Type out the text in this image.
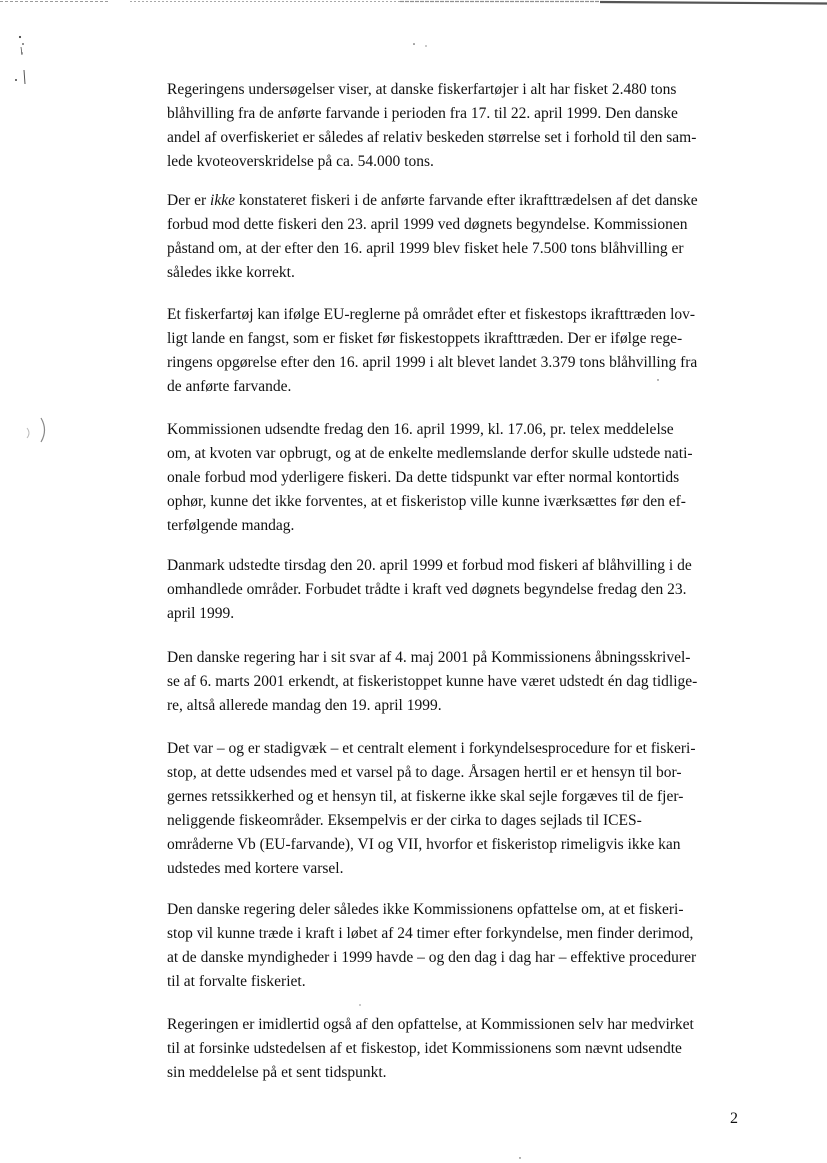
Regeringens undersøgelser viser, at danske fiskerfartøjer i alt har fisket 2.480 tons
blåhvilling fra de anførte farvande i perioden fra 17. til 22. april 1999. Den danske
andel af overfiskeriet er således af relativ beskeden størrelse set i forhold til den sam-
lede kvoteoverskridelse på ca. 54.000 tons.
Der er ikke konstateret fiskeri i de anførte farvande efter ikrafttrædelsen af det danske
forbud mod dette fiskeri den 23. april 1999 ved døgnets begyndelse. Kommissionen
påstand om, at der efter den 16. april 1999 blev fisket hele 7.500 tons blåhvilling er
således ikke korrekt.
Et fiskerfartøj kan ifølge EU-reglerne på området efter et fiskestops ikrafttræden lov-
ligt lande en fangst, som er fisket før fiskestoppets ikrafttræden. Der er ifølge rege-
ringens opgørelse efter den 16. april 1999 i alt blevet landet 3.379 tons blåhvilling fra
de anførte farvande.
Kommissionen udsendte fredag den 16. april 1999, kl. 17.06, pr. telex meddelelse
om, at kvoten var opbrugt, og at de enkelte medlemslande derfor skulle udstede nati-
onale forbud mod yderligere fiskeri. Da dette tidspunkt var efter normal kontortids
ophør, kunne det ikke forventes, at et fiskeristop ville kunne iværksættes før den ef-
terfølgende mandag.
Danmark udstedte tirsdag den 20. april 1999 et forbud mod fiskeri af blåhvilling i de
omhandlede områder. Forbudet trådte i kraft ved døgnets begyndelse fredag den 23.
april 1999.
Den danske regering har i sit svar af 4. maj 2001 på Kommissionens åbningsskrivel-
se af 6. marts 2001 erkendt, at fiskeristoppet kunne have været udstedt én dag tidlige-
re, altså allerede mandag den 19. april 1999.
Det var – og er stadigvæk – et centralt element i forkyndelsesprocedure for et fiskeri-
stop, at dette udsendes med et varsel på to dage. Årsagen hertil er et hensyn til bor-
gernes retssikkerhed og et hensyn til, at fiskerne ikke skal sejle forgæves til de fjer-
neliggende fiskeområder. Eksempelvis er der cirka to dages sejlads til ICES-
områderne Vb (EU-farvande), VI og VII, hvorfor et fiskeristop rimeligvis ikke kan
udstedes med kortere varsel.
Den danske regering deler således ikke Kommissionens opfattelse om, at et fiskeri-
stop vil kunne træde i kraft i løbet af 24 timer efter forkyndelse, men finder derimod,
at de danske myndigheder i 1999 havde – og den dag i dag har – effektive procedurer
til at forvalte fiskeriet.
Regeringen er imidlertid også af den opfattelse, at Kommissionen selv har medvirket
til at forsinke udstedelsen af et fiskestop, idet Kommissionens som nævnt udsendte
sin meddelelse på et sent tidspunkt.
2
